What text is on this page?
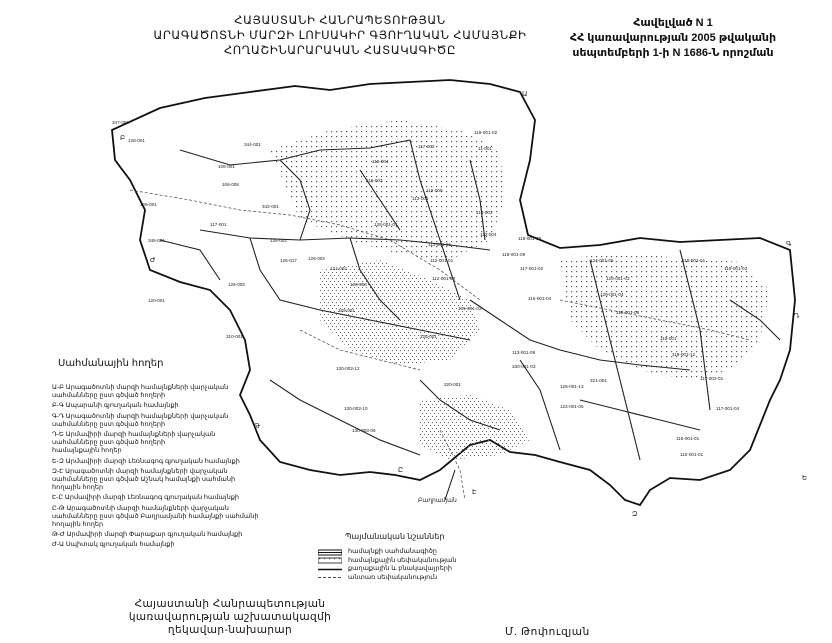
ՀԱՅԱՍՏԱՆԻ ՀԱՆՐԱՊԵՏՈՒԹՅԱՆ
ԱՐԱԳԱԾՈՏՆԻ ՄԱՐԶԻ ԼՈՒՍԱԿԻՐ ԳՅՈՒՂԱԿԱՆ ՀԱՄԱՅՆՔԻ
ՀՈՂԱՇԻՆԱՐԱՐԱԿԱՆ ՀԱՏԱԿԱԳԻԾԸ
Հավելված N 1
ՀՀ կառավարության 2005 թվականի
սեպտեմբերի 1-ի N 1686-Ն որոշման
Ա
Բ
Գ
Դ
Ե
Զ
Է
Ը
Թ
Ժ
Բաղրամյան
347-001
128-001
344-001
116-004
117-002
118-001-02
11-001
106-001
106-008
116-003
113-001
113-002
118-009
126-001	342-001
128-001-01
113-004
117-001
113-001-01
346-001	126-002
126-004
118-001-03
112-001-01
118-001-09
126-003
126-017
121-002
112-001-02
117-001-02
124-001-05
120-001
120-003
118-001-01
119-001-03
129-001-03
129-001-04
310-001
329-001	105-001-03
116-001-04
118-001-08
119-001
130-003-12
125-001
113-001-08
320-001
119-001-12
330-001-03
130-003-10
126-001-13
321-001	117-002-01
130-003-06
124-001-05	117-001-04
116-001-01
110-001-01
Սահմանային հողեր
Ա-Բ Արագածոտնի մարզի համայնքների վարչական
սահմանները ըստ գծված հողերի
Բ-Գ Ապարանի գյուղական համայնքի
Գ-Դ Արագածոտնի մարզի համայնքների վարչական
սահմանները ըստ գծված հողերի
Դ-Ե Արմավիրի մարզի համայնքների վարչական
սահմանները ըստ գծված հողերի
համայնքային հողեր
Ե-Զ Արմավիրի մարզի Լեռնագոգ գյուղական համայնքի
Զ-Է Արագածոտնի մարզի համայնքների վարչական
սահմանները ըստ գծված Աշնակ համայնքի սահմանի
հողային հողեր
Է-Ը Արմավիրի մարզի Լեռնագոգ գյուղական համայնքի
Ը-Թ Արագածոտնի մարզի համայնքների վարչական
սահմանները ըստ գծված Բաղրամյանի համայնքի սահմանի
հողային հողեր
Թ-Ժ Արմավիրի մարզի Փարաքար գյուղական համայնքի
Ժ-Ա Սպիտակ գյուղական համայնքի
Պայմանական նշաններ
համայնքի սահմանագիծը
համայնքային սեփականության
քաղաքային և բնակավայրերի
անտառ սեփականություն
Հայաստանի Հանրապետության
կառավարության աշխատակազմի
ղեկավար-նախարար	Մ. Թոփուզյան
